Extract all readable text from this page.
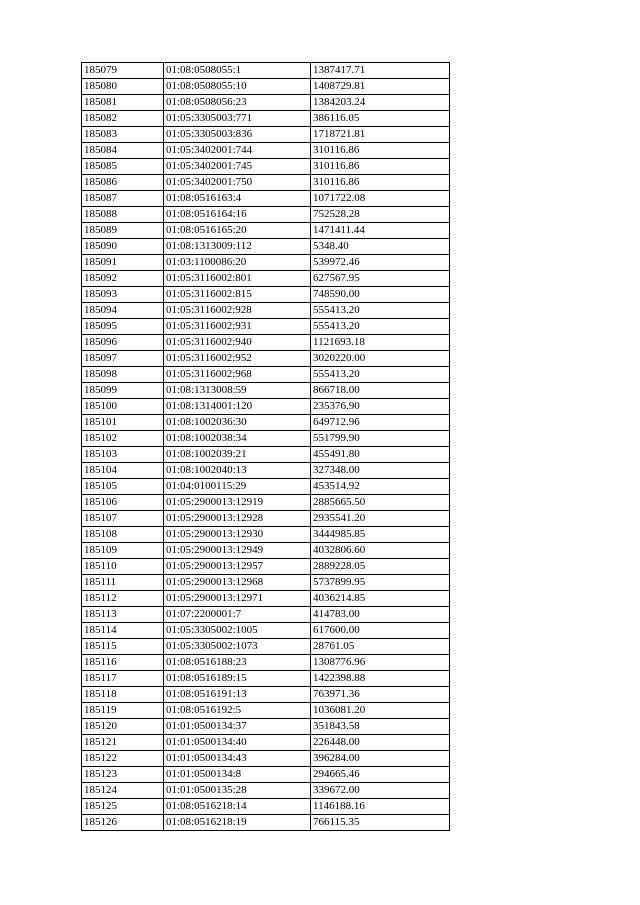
185079	01:08:0508055:1	1387417.71
185080	01:08:0508055:10	1408729.81
185081	01:08:0508056:23	1384203.24
185082	01:05:3305003:771	386116.05
185083	01:05:3305003:836	1718721.81
185084	01:05:3402001:744	310116.86
185085	01:05:3402001:745	310116.86
185086	01:05:3402001:750	310116.86
185087	01:08:0516163:4	1071722.08
185088	01:08:0516164:16	752528.28
185089	01:08:0516165:20	1471411.44
185090	01:08:1313009:112	5348.40
185091	01:03:1100086:20	539972.46
185092	01:05:3116002:801	627567.95
185093	01:05:3116002:815	748590.00
185094	01:05:3116002:928	555413.20
185095	01:05:3116002:931	555413.20
185096	01:05:3116002:940	1121693.18
185097	01:05:3116002:952	3020220.00
185098	01:05:3116002:968	555413.20
185099	01:08:1313008:59	866718.00
185100	01:08:1314001:120	235376.90
185101	01:08:1002036:30	649712.96
185102	01:08:1002038:34	551799.90
185103	01:08:1002039:21	455491.80
185104	01:08:1002040:13	327348.00
185105	01:04:0100115:29	453514.92
185106	01:05:2900013:12919	2885665.50
185107	01:05:2900013:12928	2935541.20
185108	01:05:2900013:12930	3444985.85
185109	01:05:2900013:12949	4032806.60
185110	01:05:2900013:12957	2889228.05
185111	01:05:2900013:12968	5737899.95
185112	01:05:2900013:12971	4036214.85
185113	01:07:2200001:7	414783.00
185114	01:05:3305002:1005	617600.00
185115	01:05:3305002:1073	28761.05
185116	01:08:0516188:23	1308776.96
185117	01:08:0516189:15	1422398.88
185118	01:08:0516191:13	763971.36
185119	01:08:0516192:5	1036081.20
185120	01:01:0500134:37	351843.58
185121	01:01:0500134:40	226448.00
185122	01:01:0500134:43	396284.00
185123	01:01:0500134:8	294665.46
185124	01:01:0500135:28	339672.00
185125	01:08:0516218:14	1146188.16
185126	01:08:0516218:19	766115.35
